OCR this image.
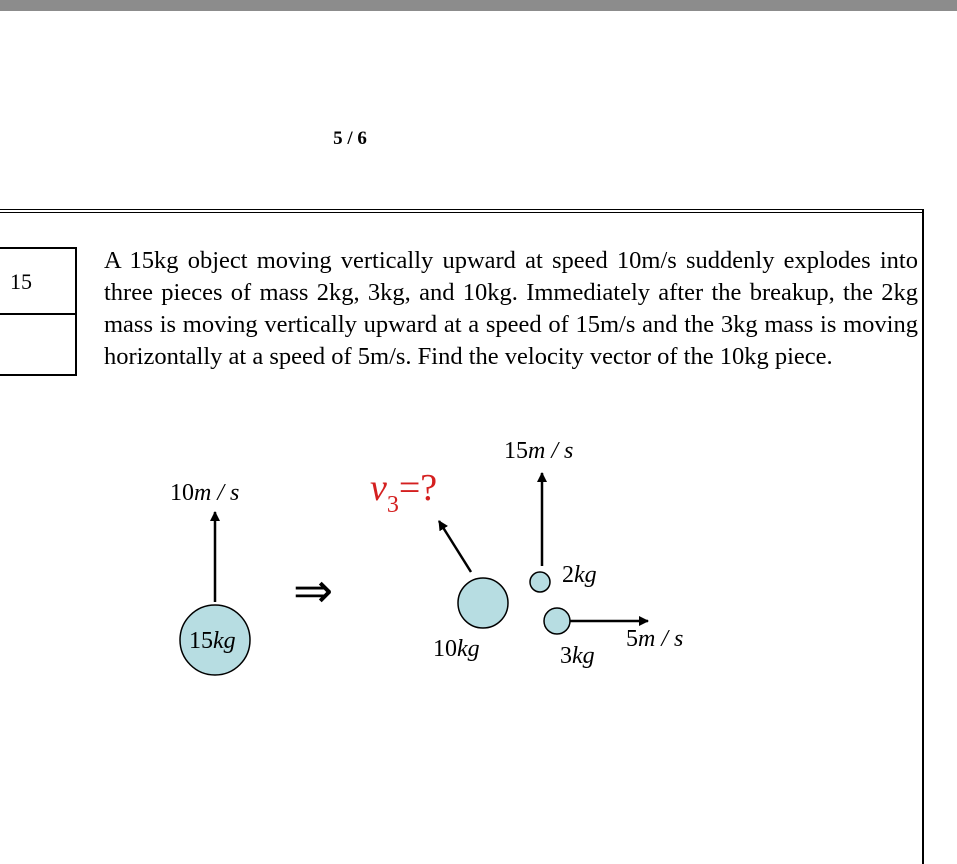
5 / 6
15

A 15kg object moving vertically upward at speed 10m/s suddenly explodes into three pieces of mass 2kg, 3kg, and 10kg. Immediately after the breakup, the 2kg mass is moving vertically upward at a speed of 15m/s and the 3kg mass is moving horizontally at a speed of 5m/s. Find the velocity vector of the 10kg piece.

10m / s
15kg
⇒
$v_3=$?
10kg
15m / s
2kg
3kg
5m / s
